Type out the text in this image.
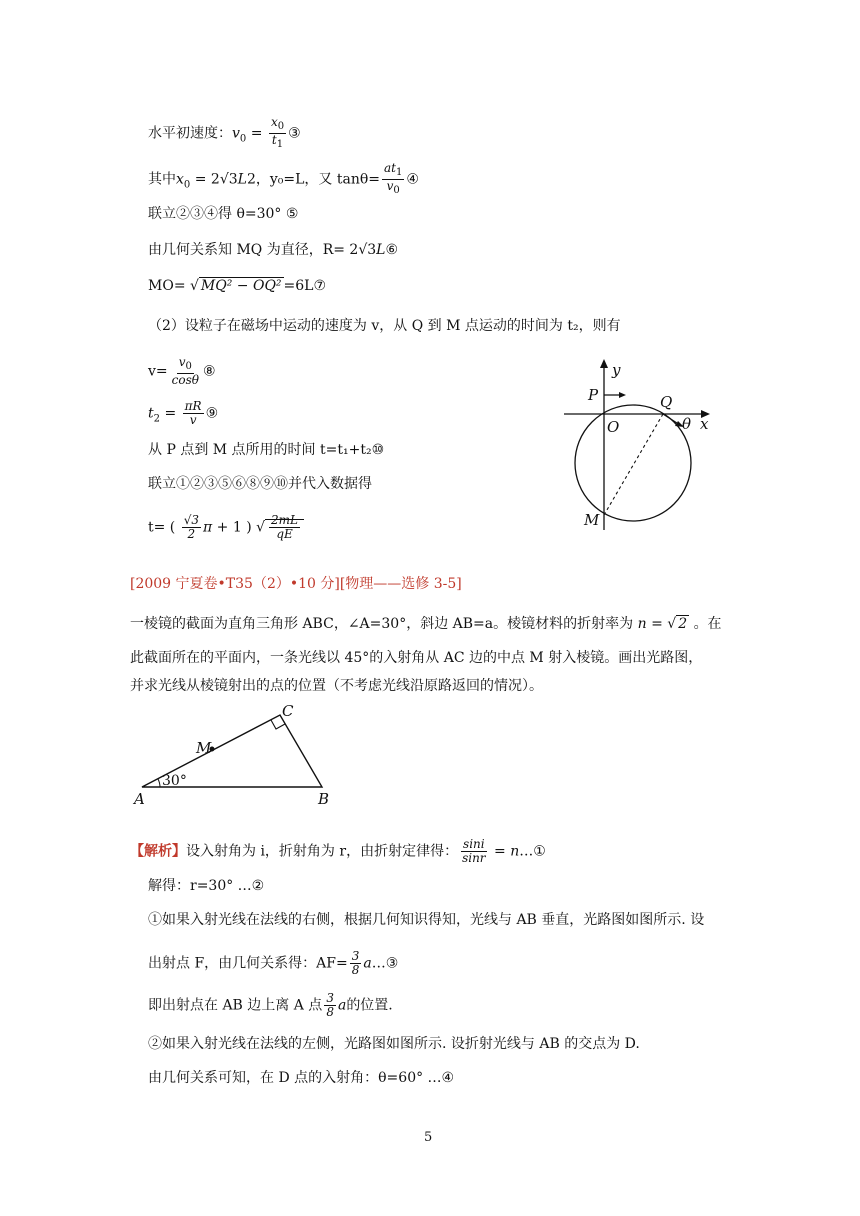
水平初速度：$v_0 = \frac{x_0}{t_1}$ ③
其中$x_0 = 2√3L2$，y₀=L，又 $\tan\theta= \frac{at_1}{v_0}$ ④
联立②③④得 θ=30° ⑤
由几何关系知 MQ 为直径，R= 2√3L⑥
MO= √ MQ² − OQ² =6L⑦
（2）设粒子在磁场中运动的速度为 v，从 Q 到 M 点运动的时间为 t₂，则有
$v= \frac{v_0}{\cos\theta}$ ⑧
$t_2 = \frac{\pi R}{v}$ ⑨
从 P 点到 M 点所用的时间 t=t₁+t₂⑩
联立①②③⑤⑥⑧⑨⑩并代入数据得
t= ( $\frac{√3}{2}$ π + 1 ) √ $\frac{2mL}{qE}$
y
P	Q
O	θ x
M
[2009 宁夏卷•T35（2）•10 分][物理——选修 3-5]
一棱镜的截面为直角三角形 ABC，∠A=30°，斜边 AB=a。棱镜材料的折射率为 n = √ 2 。在
此截面所在的平面内，一条光线以 45°的入射角从 AC 边的中点 M 射入棱镜。画出光路图，
并求光线从棱镜射出的点的位置（不考虑光线沿原路返回的情况）。
C
M
A	B
30°
【解析】设入射角为 i，折射角为 r，由折射定律得： $\frac{\sin i}{\sin r}$ = n…①
解得：r=30° …②
①如果入射光线在法线的右侧，根据几何知识得知，光线与 AB 垂直，光路图如图所示. 设
出射点 F，由几何关系得：$AF= \frac{3}{8}$ a…③
即出射点在 AB 边上离 A 点 $\frac{3}{8}$ a的位置.
②如果入射光线在法线的左侧，光路图如图所示. 设折射光线与 AB 的交点为 D.
由几何关系可知，在 D 点的入射角：θ=60° …④
5
